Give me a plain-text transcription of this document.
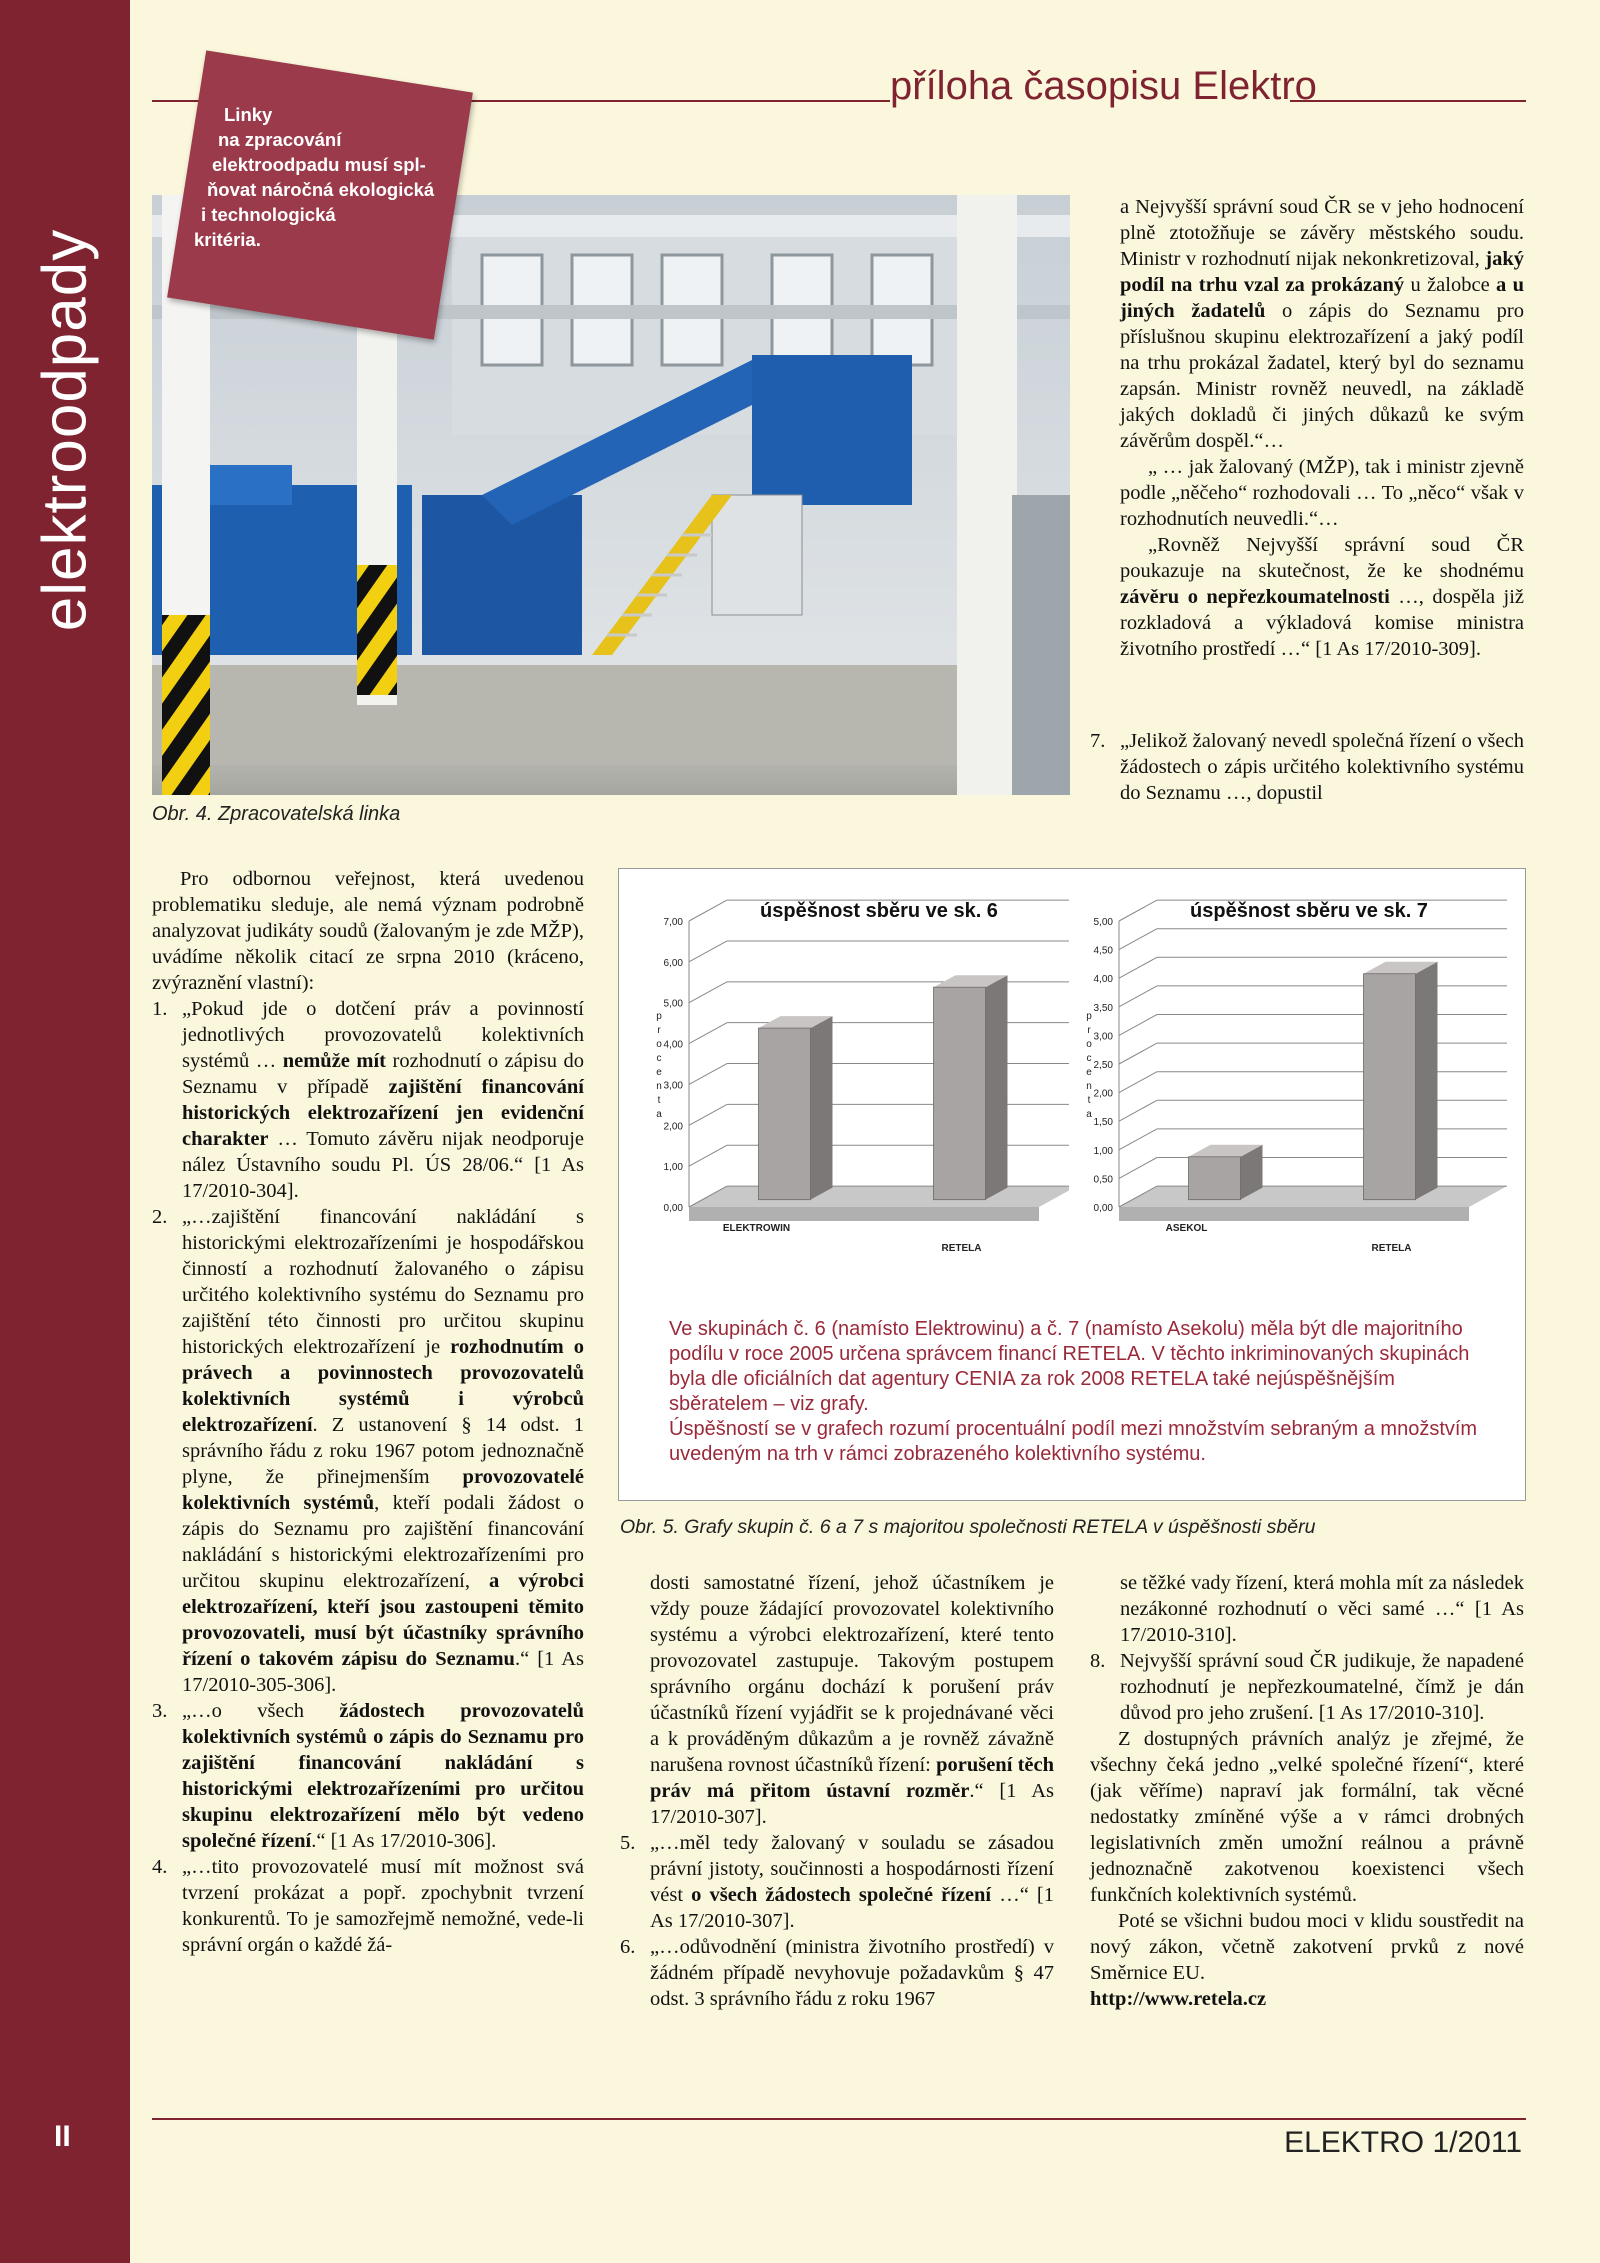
elektroodpady
II
příloha časopisu Elektro
Linky
na zpracování
elektroodpadu musí spl-
ňovat náročná ekologická
i technologická
kritéria.
Obr. 4. Zpracovatelská linka

a Nejvyšší správní soud ČR se v jeho hodnocení plně ztotožňuje se závěry městského soudu. Ministr v rozhodnutí nijak nekonkretizoval, jaký podíl na trhu vzal za prokázaný u žalobce a u jiných žadatelů o zápis do Seznamu pro příslušnou skupinu elektrozařízení a jaký podíl na trhu prokázal žadatel, který byl do seznamu zapsán. Ministr rovněž neuvedl, na základě jakých dokladů či jiných důkazů ke svým závěrům dospěl.“…

„ … jak žalovaný (MŽP), tak i ministr zjevně podle „něčeho“ rozhodovali … To „něco“ však v rozhodnutích neuvedli.“…

„Rovněž Nejvyšší správní soud ČR poukazuje na skutečnost, že ke shodnému závěru o nepřezkoumatelnosti …, dospěla již rozkladová a výkladová komise ministra životního prostředí …“ [1 As 17/2010-309].

7. „Jelikož žalovaný nevedl společná řízení o všech žádostech o zápis určitého kolektivního systému do Seznamu …, dopustil

Pro odbornou veřejnost, která uvedenou problematiku sleduje, ale nemá význam podrobně analyzovat judikáty soudů (žalovaným je zde MŽP), uvádíme několik citací ze srpna 2010 (kráceno, zvýraznění vlastní):

1. „Pokud jde o dotčení práv a povinností jednotlivých provozovatelů kolektivních systémů … nemůže mít rozhodnutí o zápisu do Seznamu v případě zajištění financování historických elektrozařízení jen evidenční charakter … Tomuto závěru nijak neodporuje nález Ústavního soudu Pl. ÚS 28/06.“ [1 As 17/2010-304].
2. „…zajištění financování nakládání s historickými elektrozařízeními je hospodářskou činností a rozhodnutí žalovaného o zápisu určitého kolektivního systému do Seznamu pro zajištění této činnosti pro určitou skupinu historických elektrozařízení je rozhodnutím o právech a povinnostech provozovatelů kolektivních systémů i výrobců elektrozařízení. Z ustanovení § 14 odst. 1 správního řádu z roku 1967 potom jednoznačně plyne, že přinejmenším provozovatelé kolektivních systémů, kteří podali žádost o zápis do Seznamu pro zajištění financování nakládání s historickými elektrozařízeními pro určitou skupinu elektrozařízení, a výrobci elektrozařízení, kteří jsou zastoupeni těmito provozovateli, musí být účastníky správního řízení o takovém zápisu do Seznamu.“ [1 As 17/2010-305-306].
3. „…o všech žádostech provozovatelů kolektivních systémů o zápis do Seznamu pro zajištění financování nakládání s historickými elektrozařízeními pro určitou skupinu elektrozařízení mělo být vedeno společné řízení.“ [1 As 17/2010-306].
4. „…tito provozovatelé musí mít možnost svá tvrzení prokázat a popř. zpochybnit tvrzení konkurentů. To je samozřejmě nemožné, vede-li správní orgán o každé žá-
0,00
1,00
2,00
3,00
4,00
5,00
6,00
7,00
p
r
o
c
e
n
t
a
ELEKTROWIN
RETELA
úspěšnost sběru ve sk. 6
0,00
0,50
1,00
1,50
2,00
2,50
3,00
3,50
4,00
4,50
5,00
p
r
o
c
e
n
t
a
ASEKOL
RETELA
úspěšnost sběru ve sk. 7

Ve skupinách č. 6 (namísto Elektrowinu) a č. 7 (namísto Asekolu) měla být dle majoritního podílu v roce 2005 určena správcem financí RETELA. V těchto inkriminovaných skupinách byla dle oficiálních dat agentury CENIA za rok 2008 RETELA také nejúspěšnějším sběratelem – viz grafy.

Úspěšností se v grafech rozumí procentuální podíl mezi množstvím sebraným a množstvím uvedeným na trh v rámci zobrazeného kolektivního systému.

Obr. 5. Grafy skupin č. 6 a 7 s majoritou společnosti RETELA v úspěšnosti sběru

dosti samostatné řízení, jehož účastníkem je vždy pouze žádající provozovatel kolektivního systému a výrobci elektrozařízení, které tento provozovatel zastupuje. Takovým postupem správního orgánu dochází k porušení práv účastníků řízení vyjádřit se k projednávané věci a k prováděným důkazům a je rovněž závažně narušena rovnost účastníků řízení: porušení těch práv má přitom ústavní rozměr.“ [1 As 17/2010-307].

5. „…měl tedy žalovaný v souladu se zásadou právní jistoty, součinnosti a hospodárnosti řízení vést o všech žádostech společné řízení …“ [1 As 17/2010-307].
6. „…odůvodnění (ministra životního prostředí) v žádném případě nevyhovuje požadavkům § 47 odst. 3 správního řádu z roku 1967

se těžké vady řízení, která mohla mít za následek nezákonné rozhodnutí o věci samé …“ [1 As 17/2010-310].

8. Nejvyšší správní soud ČR judikuje, že napadené rozhodnutí je nepřezkoumatelné, čímž je dán důvod pro jeho zrušení. [1 As 17/2010-310].

Z dostupných právních analýz je zřejmé, že všechny čeká jedno „velké společné řízení“, které (jak věříme) napraví jak formální, tak věcné nedostatky zmíněné výše a v rámci drobných legislativních změn umožní reálnou a právně jednoznačně zakotvenou koexistenci všech funkčních kolektivních systémů.

Poté se všichni budou moci v klidu soustředit na nový zákon, včetně zakotvení prvků z nové Směrnice EU.

http://www.retela.cz

ELEKTRO 1/2011
